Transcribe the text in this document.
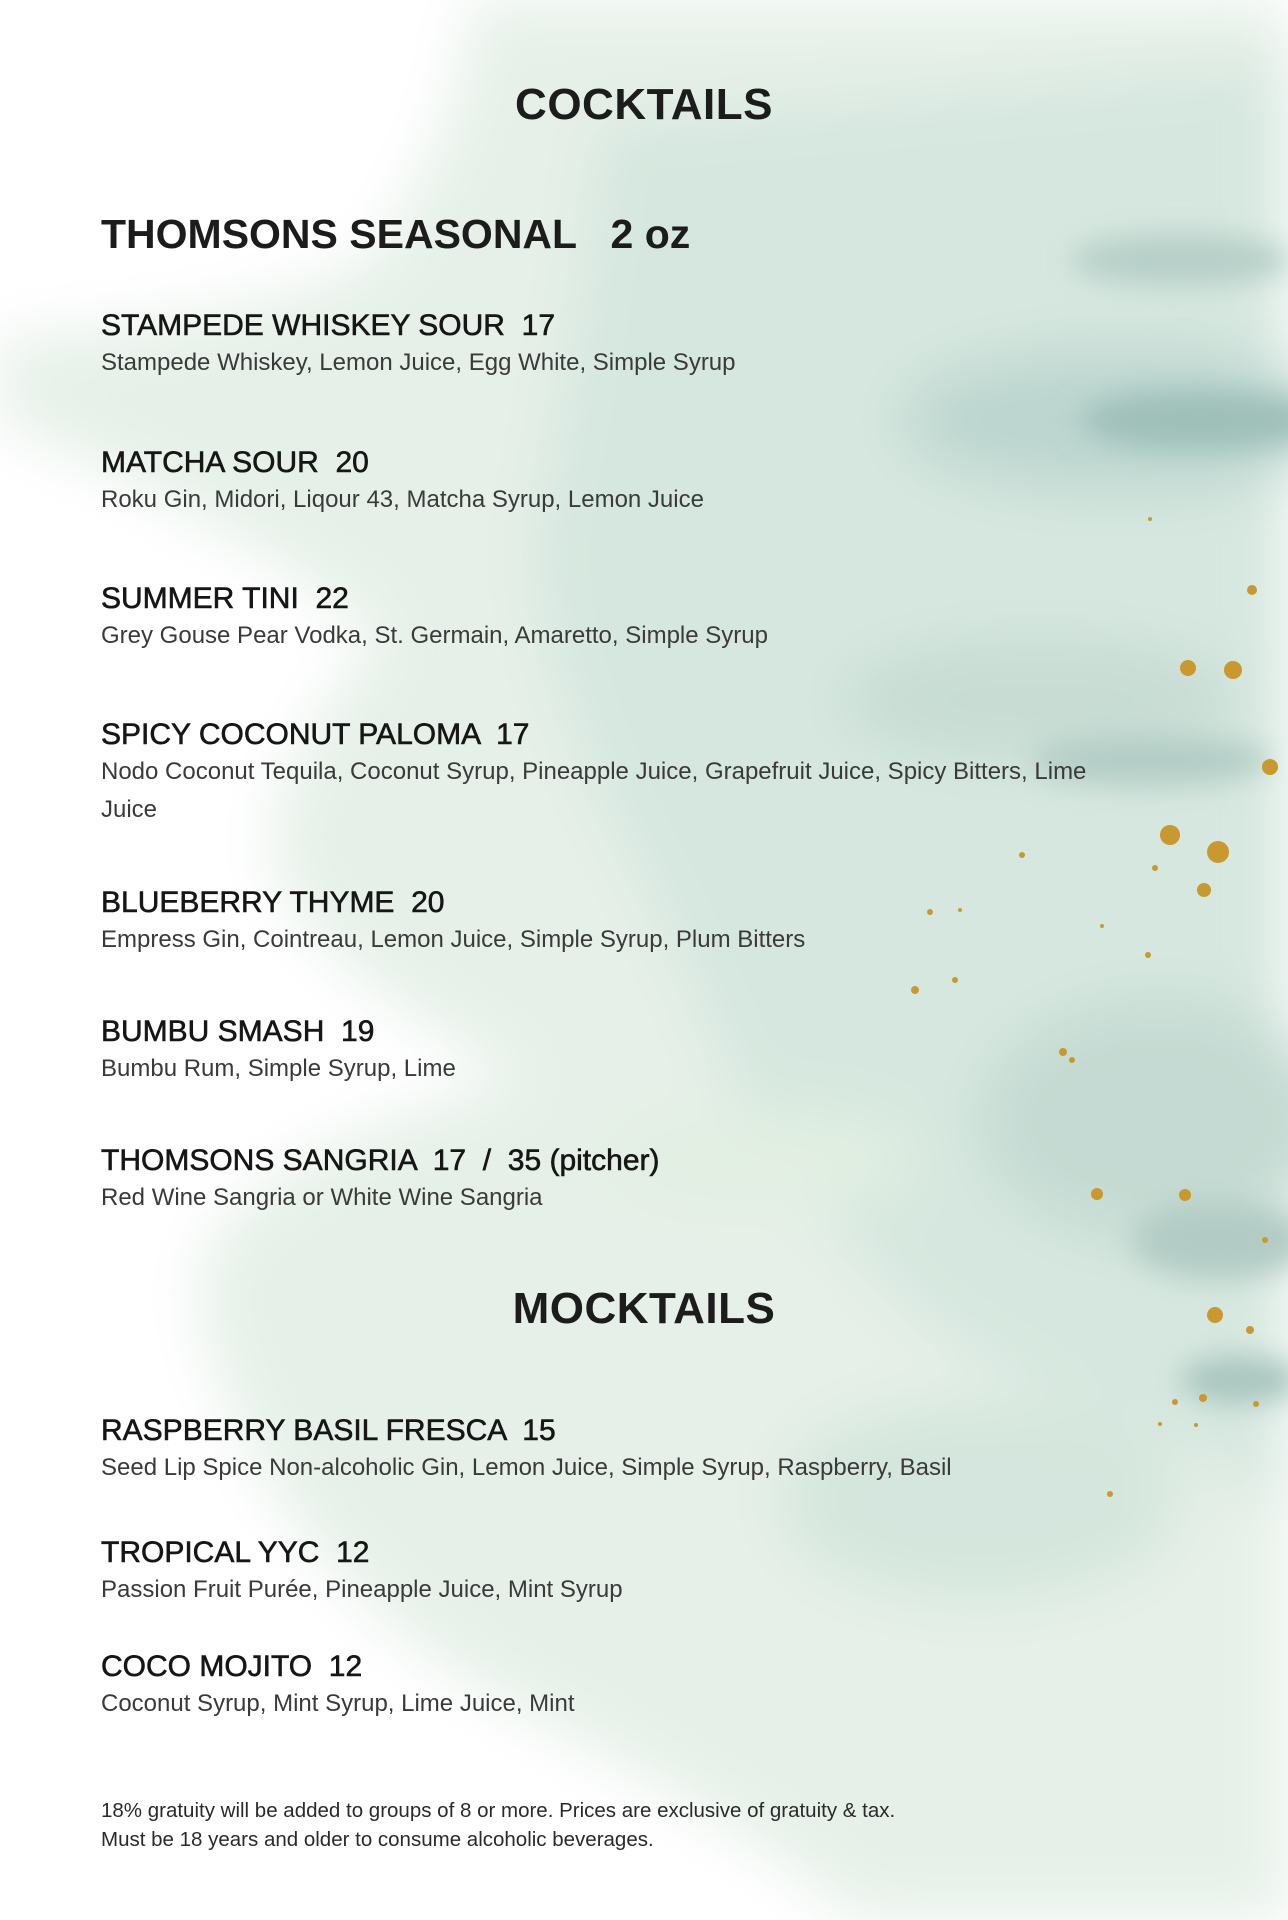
COCKTAILS
THOMSONS SEASONAL   2 oz
STAMPEDE WHISKEY SOUR  17
Stampede Whiskey, Lemon Juice, Egg White, Simple Syrup
MATCHA SOUR  20
Roku Gin, Midori, Liqour 43, Matcha Syrup, Lemon Juice
SUMMER TINI  22
Grey Gouse Pear Vodka, St. Germain, Amaretto, Simple Syrup
SPICY COCONUT PALOMA  17
Nodo Coconut Tequila, Coconut Syrup, Pineapple Juice, Grapefruit Juice, Spicy Bitters, Lime Juice
BLUEBERRY THYME  20
Empress Gin, Cointreau, Lemon Juice, Simple Syrup, Plum Bitters
BUMBU SMASH  19
Bumbu Rum, Simple Syrup, Lime
THOMSONS SANGRIA  17  /  35 (pitcher)
Red Wine Sangria or White Wine Sangria
MOCKTAILS
RASPBERRY BASIL FRESCA  15
Seed Lip Spice Non-alcoholic Gin, Lemon Juice, Simple Syrup, Raspberry, Basil
TROPICAL YYC  12
Passion Fruit Purée, Pineapple Juice, Mint Syrup
COCO MOJITO  12
Coconut Syrup, Mint Syrup, Lime Juice, Mint
18% gratuity will be added to groups of 8 or more. Prices are exclusive of gratuity & tax.
Must be 18 years and older to consume alcoholic beverages.
